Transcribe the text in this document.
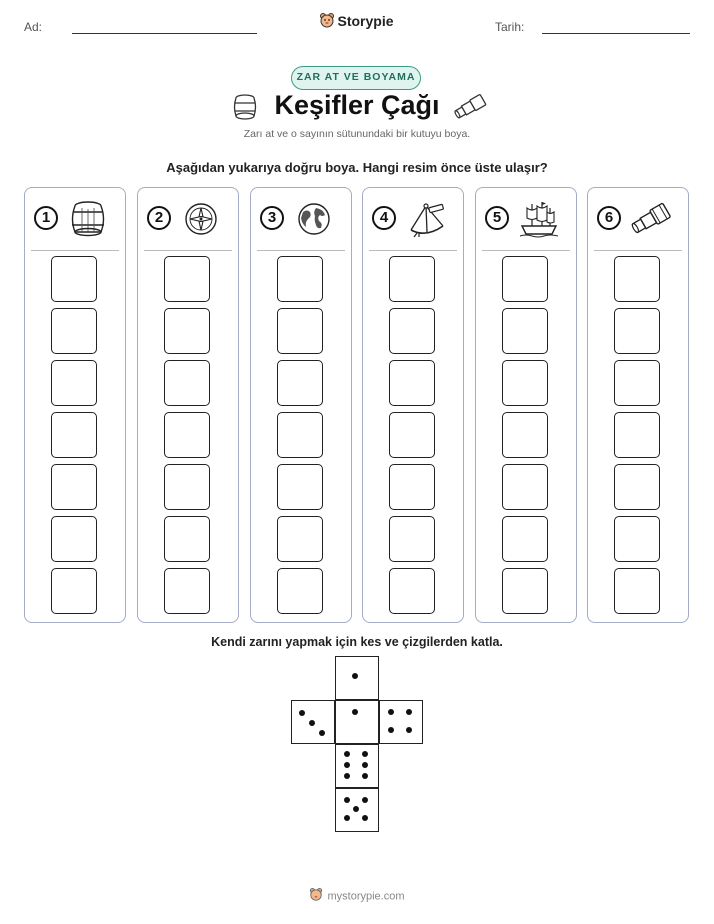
Ad:	Storypie	Tarih:
ZAR AT VE BOYAMA
Keşifler Çağı
Zarı at ve o sayının sütunundaki bir kutuyu boya.
Aşağıdan yukarıya doğru boya. Hangi resim önce üste ulaşır?
1	2	3	4	5	6
Kendi zarını yapmak için kes ve çizgilerden katla.
mystorypie.com
